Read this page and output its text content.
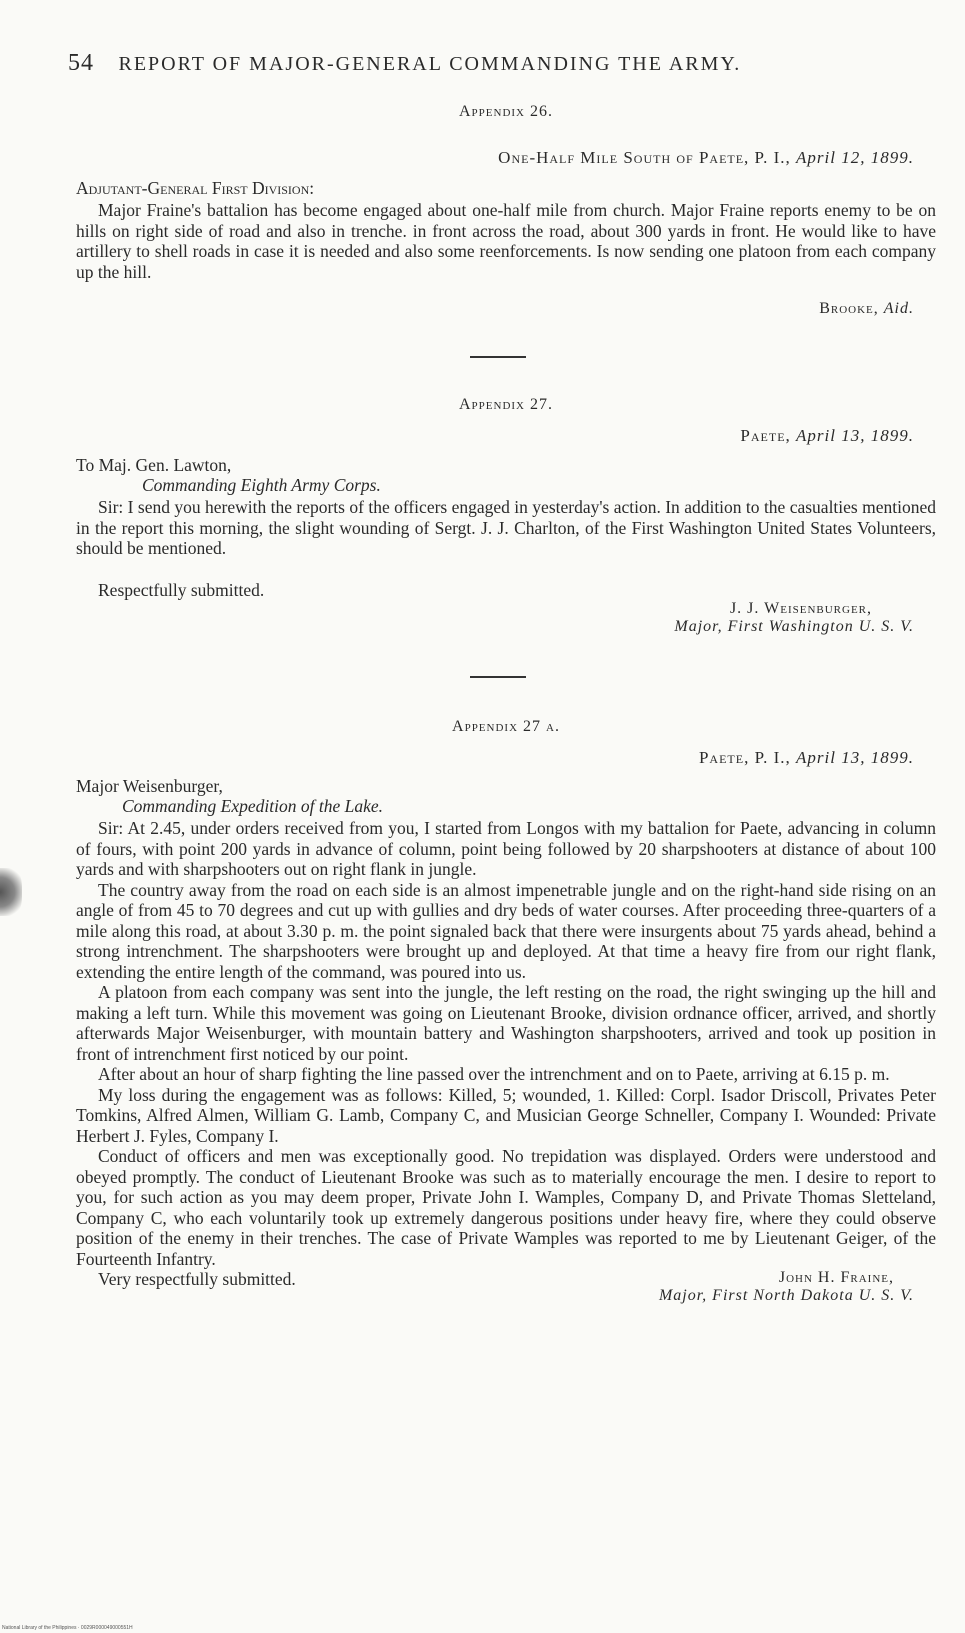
54 REPORT OF MAJOR-GENERAL COMMANDING THE ARMY.
Appendix 26.
One-Half Mile South of Paete, P. I., April 12, 1899.
Adjutant-General First Division:

Major Fraine's battalion has become engaged about one-half mile from church. Major Fraine reports enemy to be on hills on right side of road and also in trenche. in front across the road, about 300 yards in front. He would like to have artillery to shell roads in case it is needed and also some reenforcements. Is now sending one platoon from each company up the hill.

Brooke, Aid.
Appendix 27.
Paete, April 13, 1899.
To Maj. Gen. Lawton,
Commanding Eighth Army Corps.

Sir: I send you herewith the reports of the officers engaged in yesterday's action. In addition to the casualties mentioned in the report this morning, the slight wounding of Sergt. J. J. Charlton, of the First Washington United States Volunteers, should be mentioned.

Respectfully submitted.
J. J. Weisenburger,
Major, First Washington U. S. V.
Appendix 27 a.
Paete, P. I., April 13, 1899.
Major Weisenburger,
Commanding Expedition of the Lake.

Sir: At 2.45, under orders received from you, I started from Longos with my battalion for Paete, advancing in column of fours, with point 200 yards in advance of column, point being followed by 20 sharpshooters at distance of about 100 yards and with sharpshooters out on right flank in jungle.

The country away from the road on each side is an almost impenetrable jungle and on the right-hand side rising on an angle of from 45 to 70 degrees and cut up with gullies and dry beds of water courses. After proceeding three-quarters of a mile along this road, at about 3.30 p. m. the point signaled back that there were insurgents about 75 yards ahead, behind a strong intrenchment. The sharpshooters were brought up and deployed. At that time a heavy fire from our right flank, extending the entire length of the command, was poured into us.

A platoon from each company was sent into the jungle, the left resting on the road, the right swinging up the hill and making a left turn. While this movement was going on Lieutenant Brooke, division ordnance officer, arrived, and shortly afterwards Major Weisenburger, with mountain battery and Washington sharpshooters, arrived and took up position in front of intrenchment first noticed by our point.

After about an hour of sharp fighting the line passed over the intrenchment and on to Paete, arriving at 6.15 p. m.

My loss during the engagement was as follows: Killed, 5; wounded, 1. Killed: Corpl. Isador Driscoll, Privates Peter Tomkins, Alfred Almen, William G. Lamb, Company C, and Musician George Schneller, Company I. Wounded: Private Herbert J. Fyles, Company I.

Conduct of officers and men was exceptionally good. No trepidation was displayed. Orders were understood and obeyed promptly. The conduct of Lieutenant Brooke was such as to materially encourage the men. I desire to report to you, for such action as you may deem proper, Private John I. Wamples, Company D, and Private Thomas Sletteland, Company C, who each voluntarily took up extremely dangerous positions under heavy fire, where they could observe position of the enemy in their trenches. The case of Private Wamples was reported to me by Lieutenant Geiger, of the Fourteenth Infantry.

Very respectfully submitted.	John H. Fraine,
Major, First North Dakota U. S. V.
National Library of the Philippines · 0029R000049000551H
